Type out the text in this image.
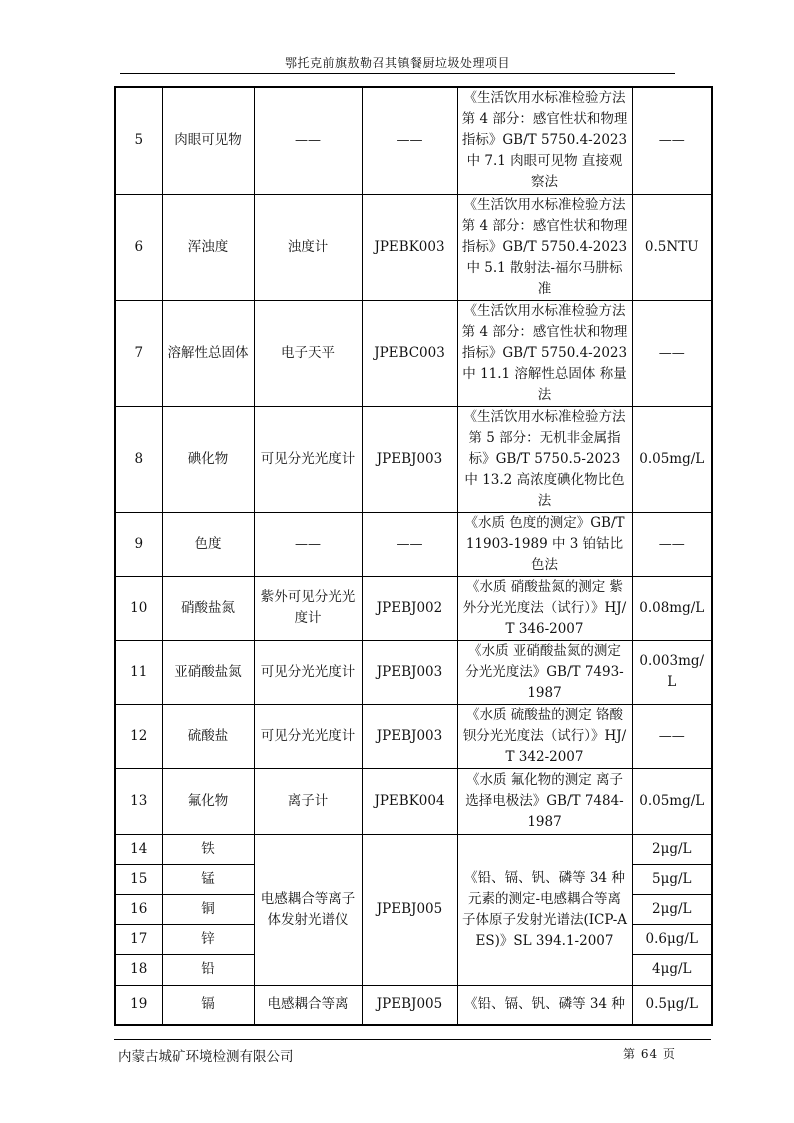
鄂托克前旗敖勒召其镇餐厨垃圾处理项目
5	肉眼可见物	——	——	《生活饮用水标准检验方法 第 4 部分：感官性状和物理指标》GB/T 5750.4-2023 中 7.1 肉眼可见物 直接观察法	——
6	浑浊度	浊度计	JPEBK003	《生活饮用水标准检验方法 第 4 部分：感官性状和物理指标》GB/T 5750.4-2023 中 5.1 散射法-福尔马肼标准	0.5NTU
7	溶解性总固体	电子天平	JPEBC003	《生活饮用水标准检验方法 第 4 部分：感官性状和物理指标》GB/T 5750.4-2023 中 11.1 溶解性总固体 称量法	——
8	碘化物	可见分光光度计	JPEBJ003	《生活饮用水标准检验方法 第 5 部分：无机非金属指标》GB/T 5750.5-2023 中 13.2 高浓度碘化物比色法	0.05mg/L
9	色度	——	——	《水质 色度的测定》GB/T 11903-1989 中 3 铂钴比色法	——
10	硝酸盐氮	紫外可见分光光度计	JPEBJ002	《水质 硝酸盐氮的测定 紫外分光光度法（试行）》HJ/T 346-2007	0.08mg/L
11	亚硝酸盐氮	可见分光光度计	JPEBJ003	《水质 亚硝酸盐氮的测定 分光光度法》GB/T 7493-1987	0.003mg/L
12	硫酸盐	可见分光光度计	JPEBJ003	《水质 硫酸盐的测定 铬酸钡分光光度法（试行）》HJ/T 342-2007	——
13	氟化物	离子计	JPEBK004	《水质 氟化物的测定 离子选择电极法》GB/T 7484-1987	0.05mg/L
14	铁	电感耦合等离子体发射光谱仪	JPEBJ005	《铅、镉、钒、磷等 34 种元素的测定-电感耦合等离子体原子发射光谱法(ICP-AES)》SL 394.1-2007	2μg/L
15	锰				5μg/L
16	铜				2μg/L
17	锌				0.6μg/L
18	铅				4μg/L
19	镉	电感耦合等离	JPEBJ005	《铅、镉、钒、磷等 34 种	0.5μg/L
内蒙古城矿环境检测有限公司	第 64 页
